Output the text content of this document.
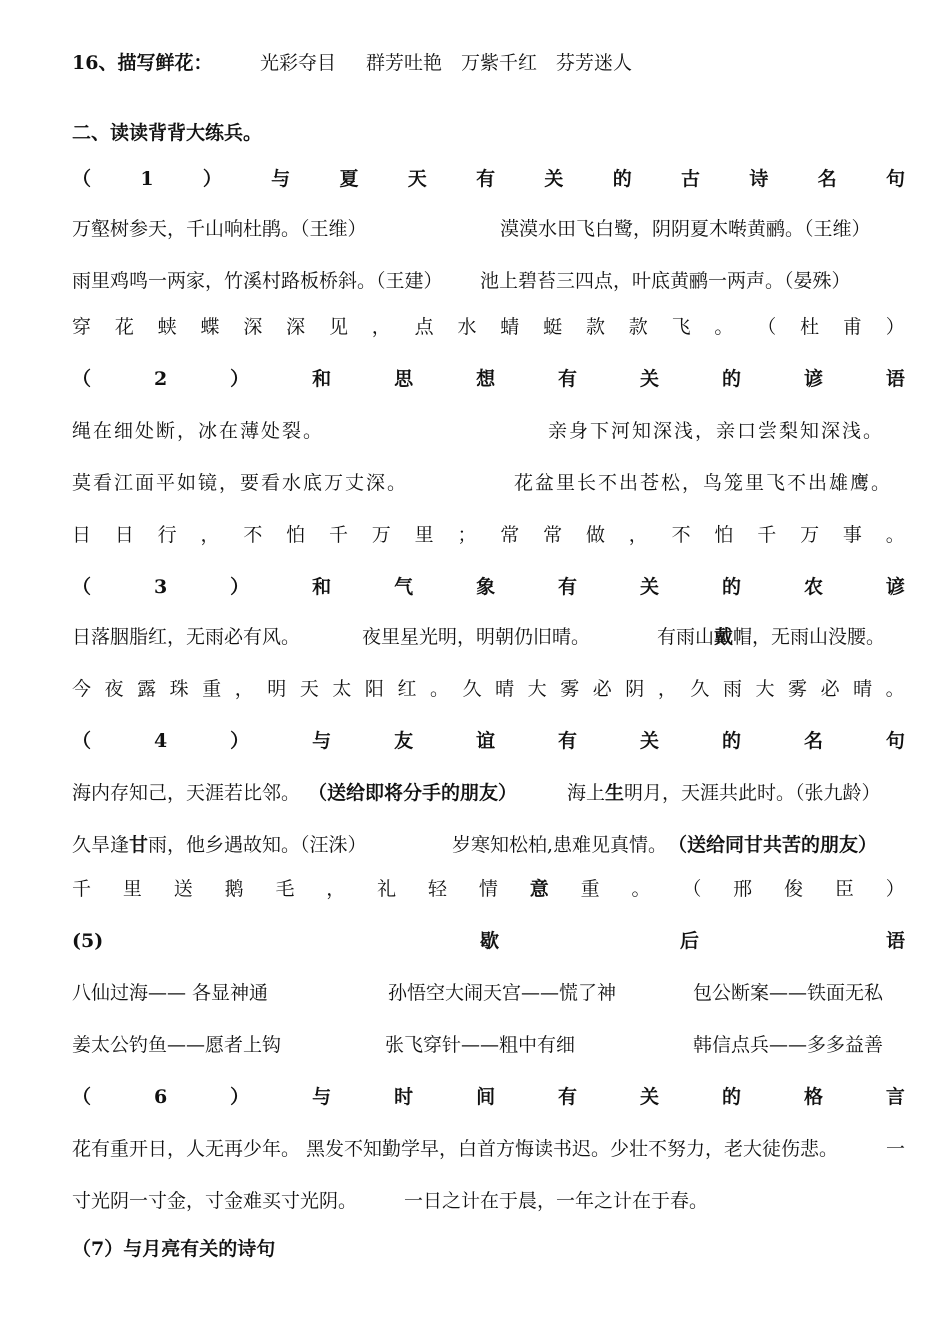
16、描写鲜花：	光彩夺目 群芳吐艳 万紫千红 芬芳迷人
二、读读背背大练兵。
（	1	）	与	夏	天	有	关	的	古	诗	名	句
万壑树参天，千山响杜鹃。（王维）	漠漠水田飞白鹭，阴阴夏木啭黄鹂。（王维）
雨里鸡鸣一两家，竹溪村路板桥斜。（王建） 池上碧苔三四点，叶底黄鹂一两声。（晏殊）
穿 花 蛱 蝶 深 深 见 ， 点 水 蜻 蜓 款 款 飞 。 （ 杜 甫 ）
（	2	）	和	思	想	有	关	的	谚	语
绳在细处断，冰在薄处裂。	亲身下河知深浅，亲口尝梨知深浅。
莫看江面平如镜，要看水底万丈深。	花盆里长不出苍松，鸟笼里飞不出雄鹰。
日 日 行 ， 不 怕 千 万 里 ； 常 常 做 ， 不 怕 千 万 事 。
（	3	）	和	气	象	有	关	的	农	谚
日落胭脂红，无雨必有风。	夜里星光明，明朝仍旧晴。	有雨山戴帽，无雨山没腰。
今 夜 露 珠 重 ， 明 天 太 阳 红 。 久 晴 大 雾 必 阴 ， 久 雨 大 雾 必 晴 。
（	4	）	与	友	谊	有	关	的	名	句
海内存知己，天涯若比邻。 （送给即将分手的朋友）	海上生明月，天涯共此时。（张九龄）
久旱逢甘雨，他乡遇故知。（汪洙）	岁寒知松柏,患难见真情。 （送给同甘共苦的朋友）
千 里 送 鹅 毛 ， 礼 轻 情 意 重 。 （ 邢 俊 臣 ）
(5)	歇	后	语
八仙过海—— 各显神通	孙悟空大闹天宫——慌了神	包公断案——铁面无私
姜太公钓鱼——愿者上钩	张飞穿针——粗中有细	韩信点兵——多多益善
（	6	）	与	时	间	有	关	的	格	言
花有重开日，人无再少年。 黑发不知勤学早，白首方悔读书迟。少壮不努力，老大徒伤悲。	一
寸光阴一寸金，寸金难买寸光阴。 一日之计在于晨，一年之计在于春。
（7）与月亮有关的诗句
